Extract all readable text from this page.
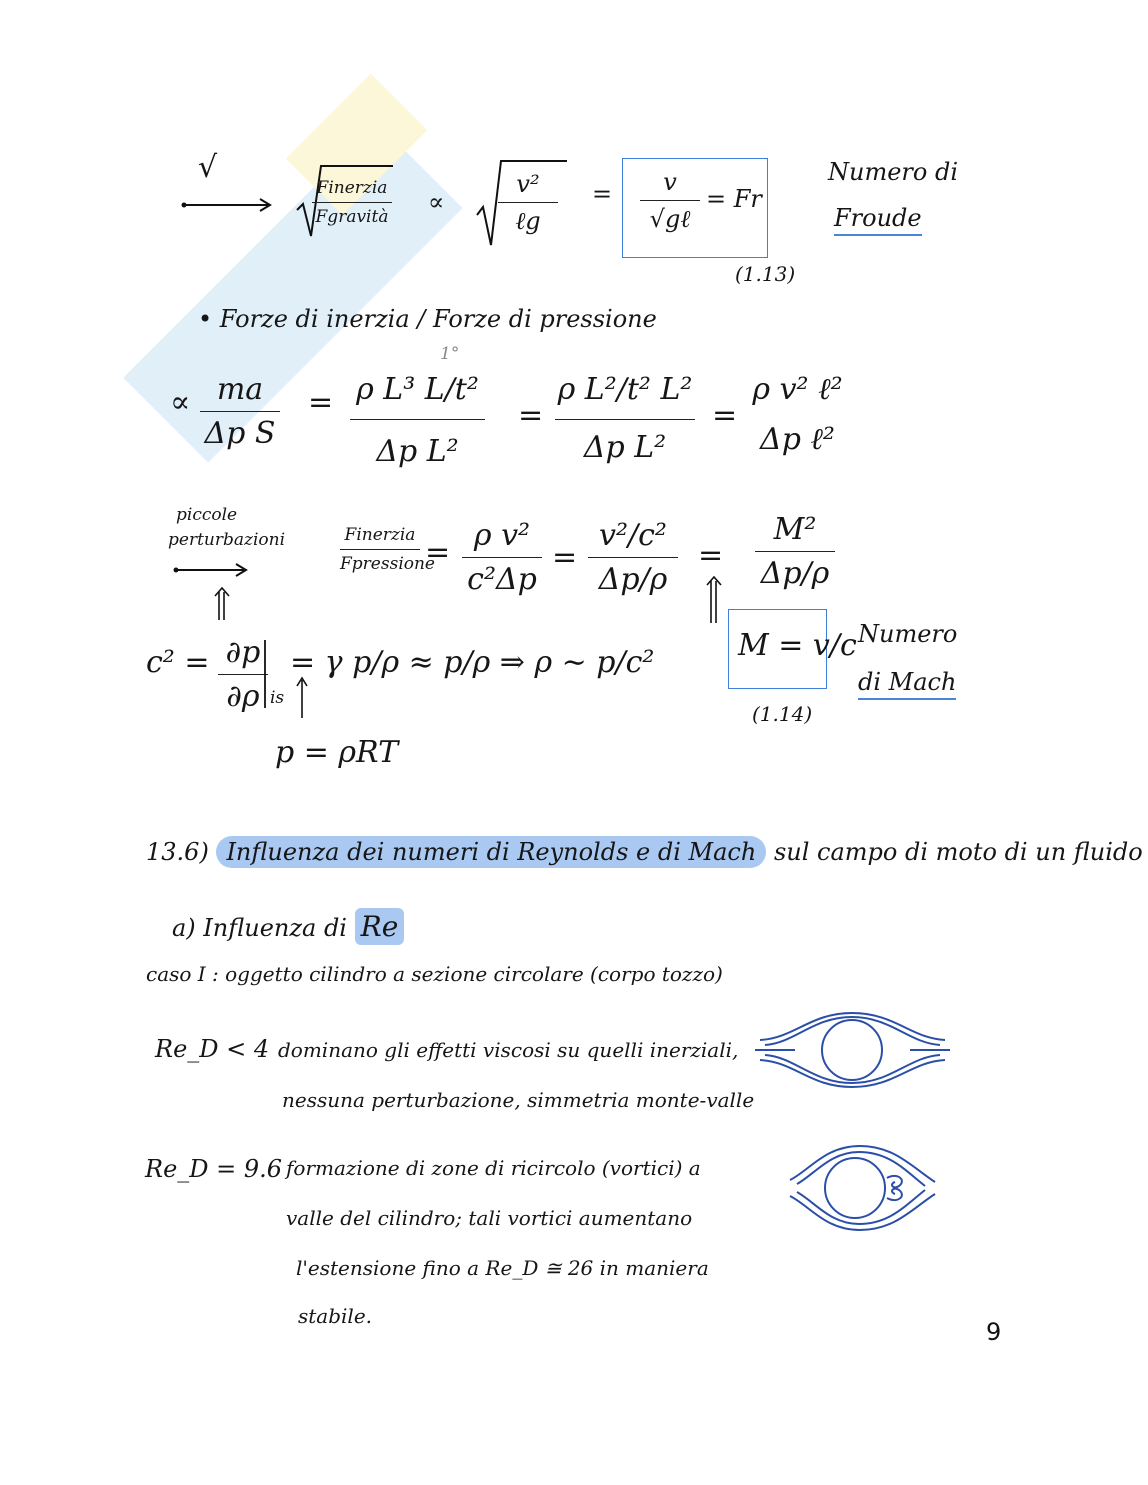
√
Finerzia
Fgravità
∝
v²
ℓg
=	v
√gℓ
= Fr
(1.13)
Numero di
Froude
• Forze di inerzia / Forze di pressione
∝ ma
Δp S
=
1°
ρ L³ L/t²
Δp L²
=
ρ L²/t² L²
Δp L²
=
ρ v² ℓ²
Δp ℓ²
piccole
perturbazioni	Finerzia
Fpressione
= ρ v²
c²Δp
=
v²/c²
Δp/ρ
=
M²
Δp/ρ
c² = ∂p
∂ρ is
= γ p/ρ ≈ p/ρ ⇒ ρ ∼ p/c²
p = ρRT
M = v/c
(1.14)
Numero
di Mach
13.6) Influenza dei numeri di Reynolds e di Mach sul campo di moto di un fluido
a) Influenza di Re
caso I : oggetto cilindro a sezione circolare (corpo tozzo)
Re_D < 4 dominano gli effetti viscosi su quelli inerziali,
nessuna perturbazione, simmetria monte-valle
Re_D = 9.6 formazione di zone di ricircolo (vortici) a
valle del cilindro; tali vortici aumentano
l'estensione fino a Re_D ≅ 26 in maniera
stabile.
9
